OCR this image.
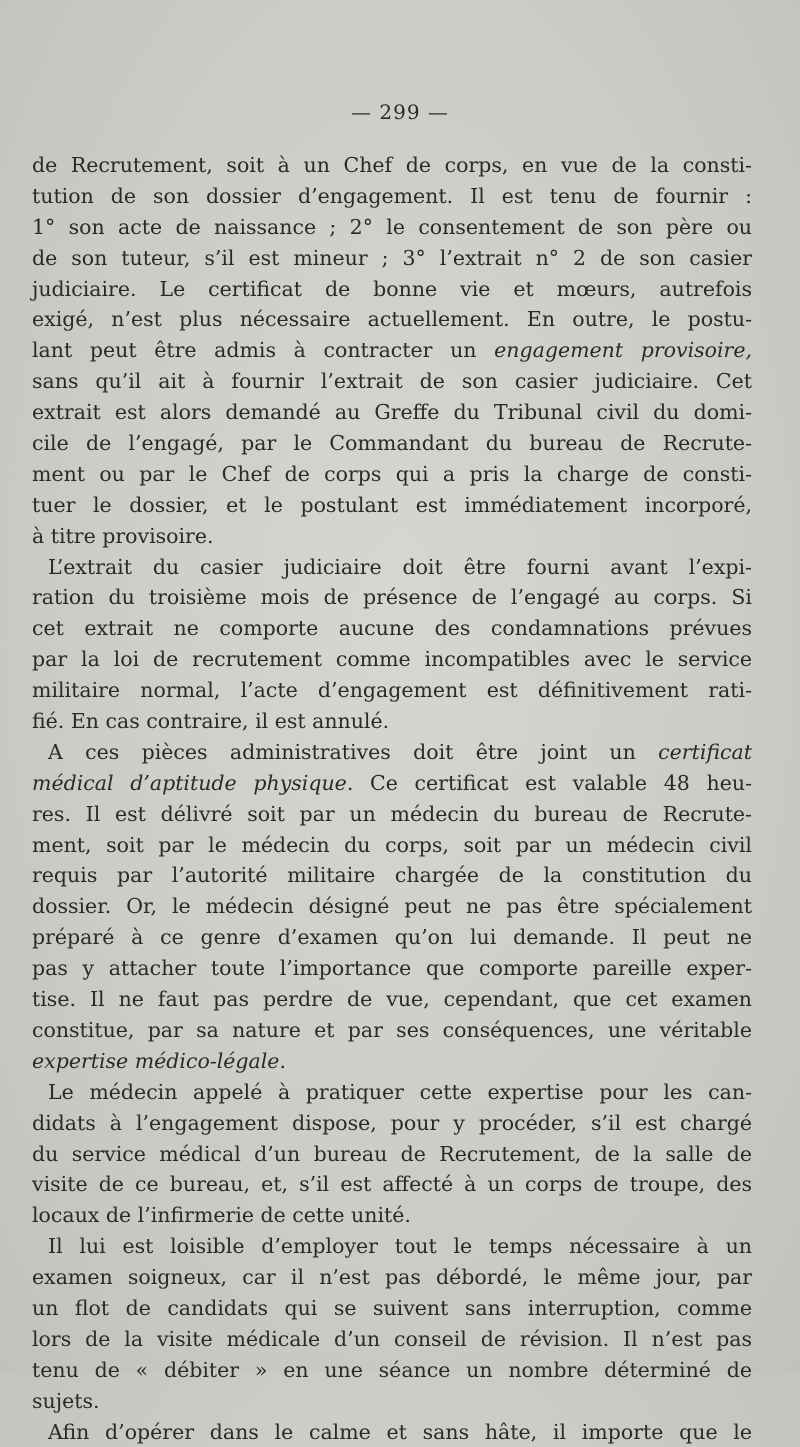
— 299 —
de Recrutement, soit à un Chef de corps, en vue de la consti-
tution de son dossier d’engagement. Il est tenu de fournir :
1° son acte de naissance ; 2° le consentement de son père ou
de son tuteur, s’il est mineur ; 3° l’extrait n° 2 de son casier
judiciaire. Le certificat de bonne vie et mœurs, autrefois
exigé, n’est plus nécessaire actuellement. En outre, le postu-
lant peut être admis à contracter un engagement provisoire,
sans qu’il ait à fournir l’extrait de son casier judiciaire. Cet
extrait est alors demandé au Greffe du Tribunal civil du domi-
cile de l’engagé, par le Commandant du bureau de Recrute-
ment ou par le Chef de corps qui a pris la charge de consti-
tuer le dossier, et le postulant est immédiatement incorporé,
à titre provisoire.
L’extrait du casier judiciaire doit être fourni avant l’expi-
ration du troisième mois de présence de l’engagé au corps. Si
cet extrait ne comporte aucune des condamnations prévues
par la loi de recrutement comme incompatibles avec le service
militaire normal, l’acte d’engagement est définitivement rati-
fié. En cas contraire, il est annulé.
A ces pièces administratives doit être joint un certificat
médical d’aptitude physique. Ce certificat est valable 48 heu-
res. Il est délivré soit par un médecin du bureau de Recrute-
ment, soit par le médecin du corps, soit par un médecin civil
requis par l’autorité militaire chargée de la constitution du
dossier. Or, le médecin désigné peut ne pas être spécialement
préparé à ce genre d’examen qu’on lui demande. Il peut ne
pas y attacher toute l’importance que comporte pareille exper-
tise. Il ne faut pas perdre de vue, cependant, que cet examen
constitue, par sa nature et par ses conséquences, une véritable
expertise médico-légale.
Le médecin appelé à pratiquer cette expertise pour les can-
didats à l’engagement dispose, pour y procéder, s’il est chargé
du service médical d’un bureau de Recrutement, de la salle de
visite de ce bureau, et, s’il est affecté à un corps de troupe, des
locaux de l’infirmerie de cette unité.
Il lui est loisible d’employer tout le temps nécessaire à un
examen soigneux, car il n’est pas débordé, le même jour, par
un flot de candidats qui se suivent sans interruption, comme
lors de la visite médicale d’un conseil de révision. Il n’est pas
tenu de « débiter » en une séance un nombre déterminé de
sujets.
Afin d’opérer dans le calme et sans hâte, il importe que le
